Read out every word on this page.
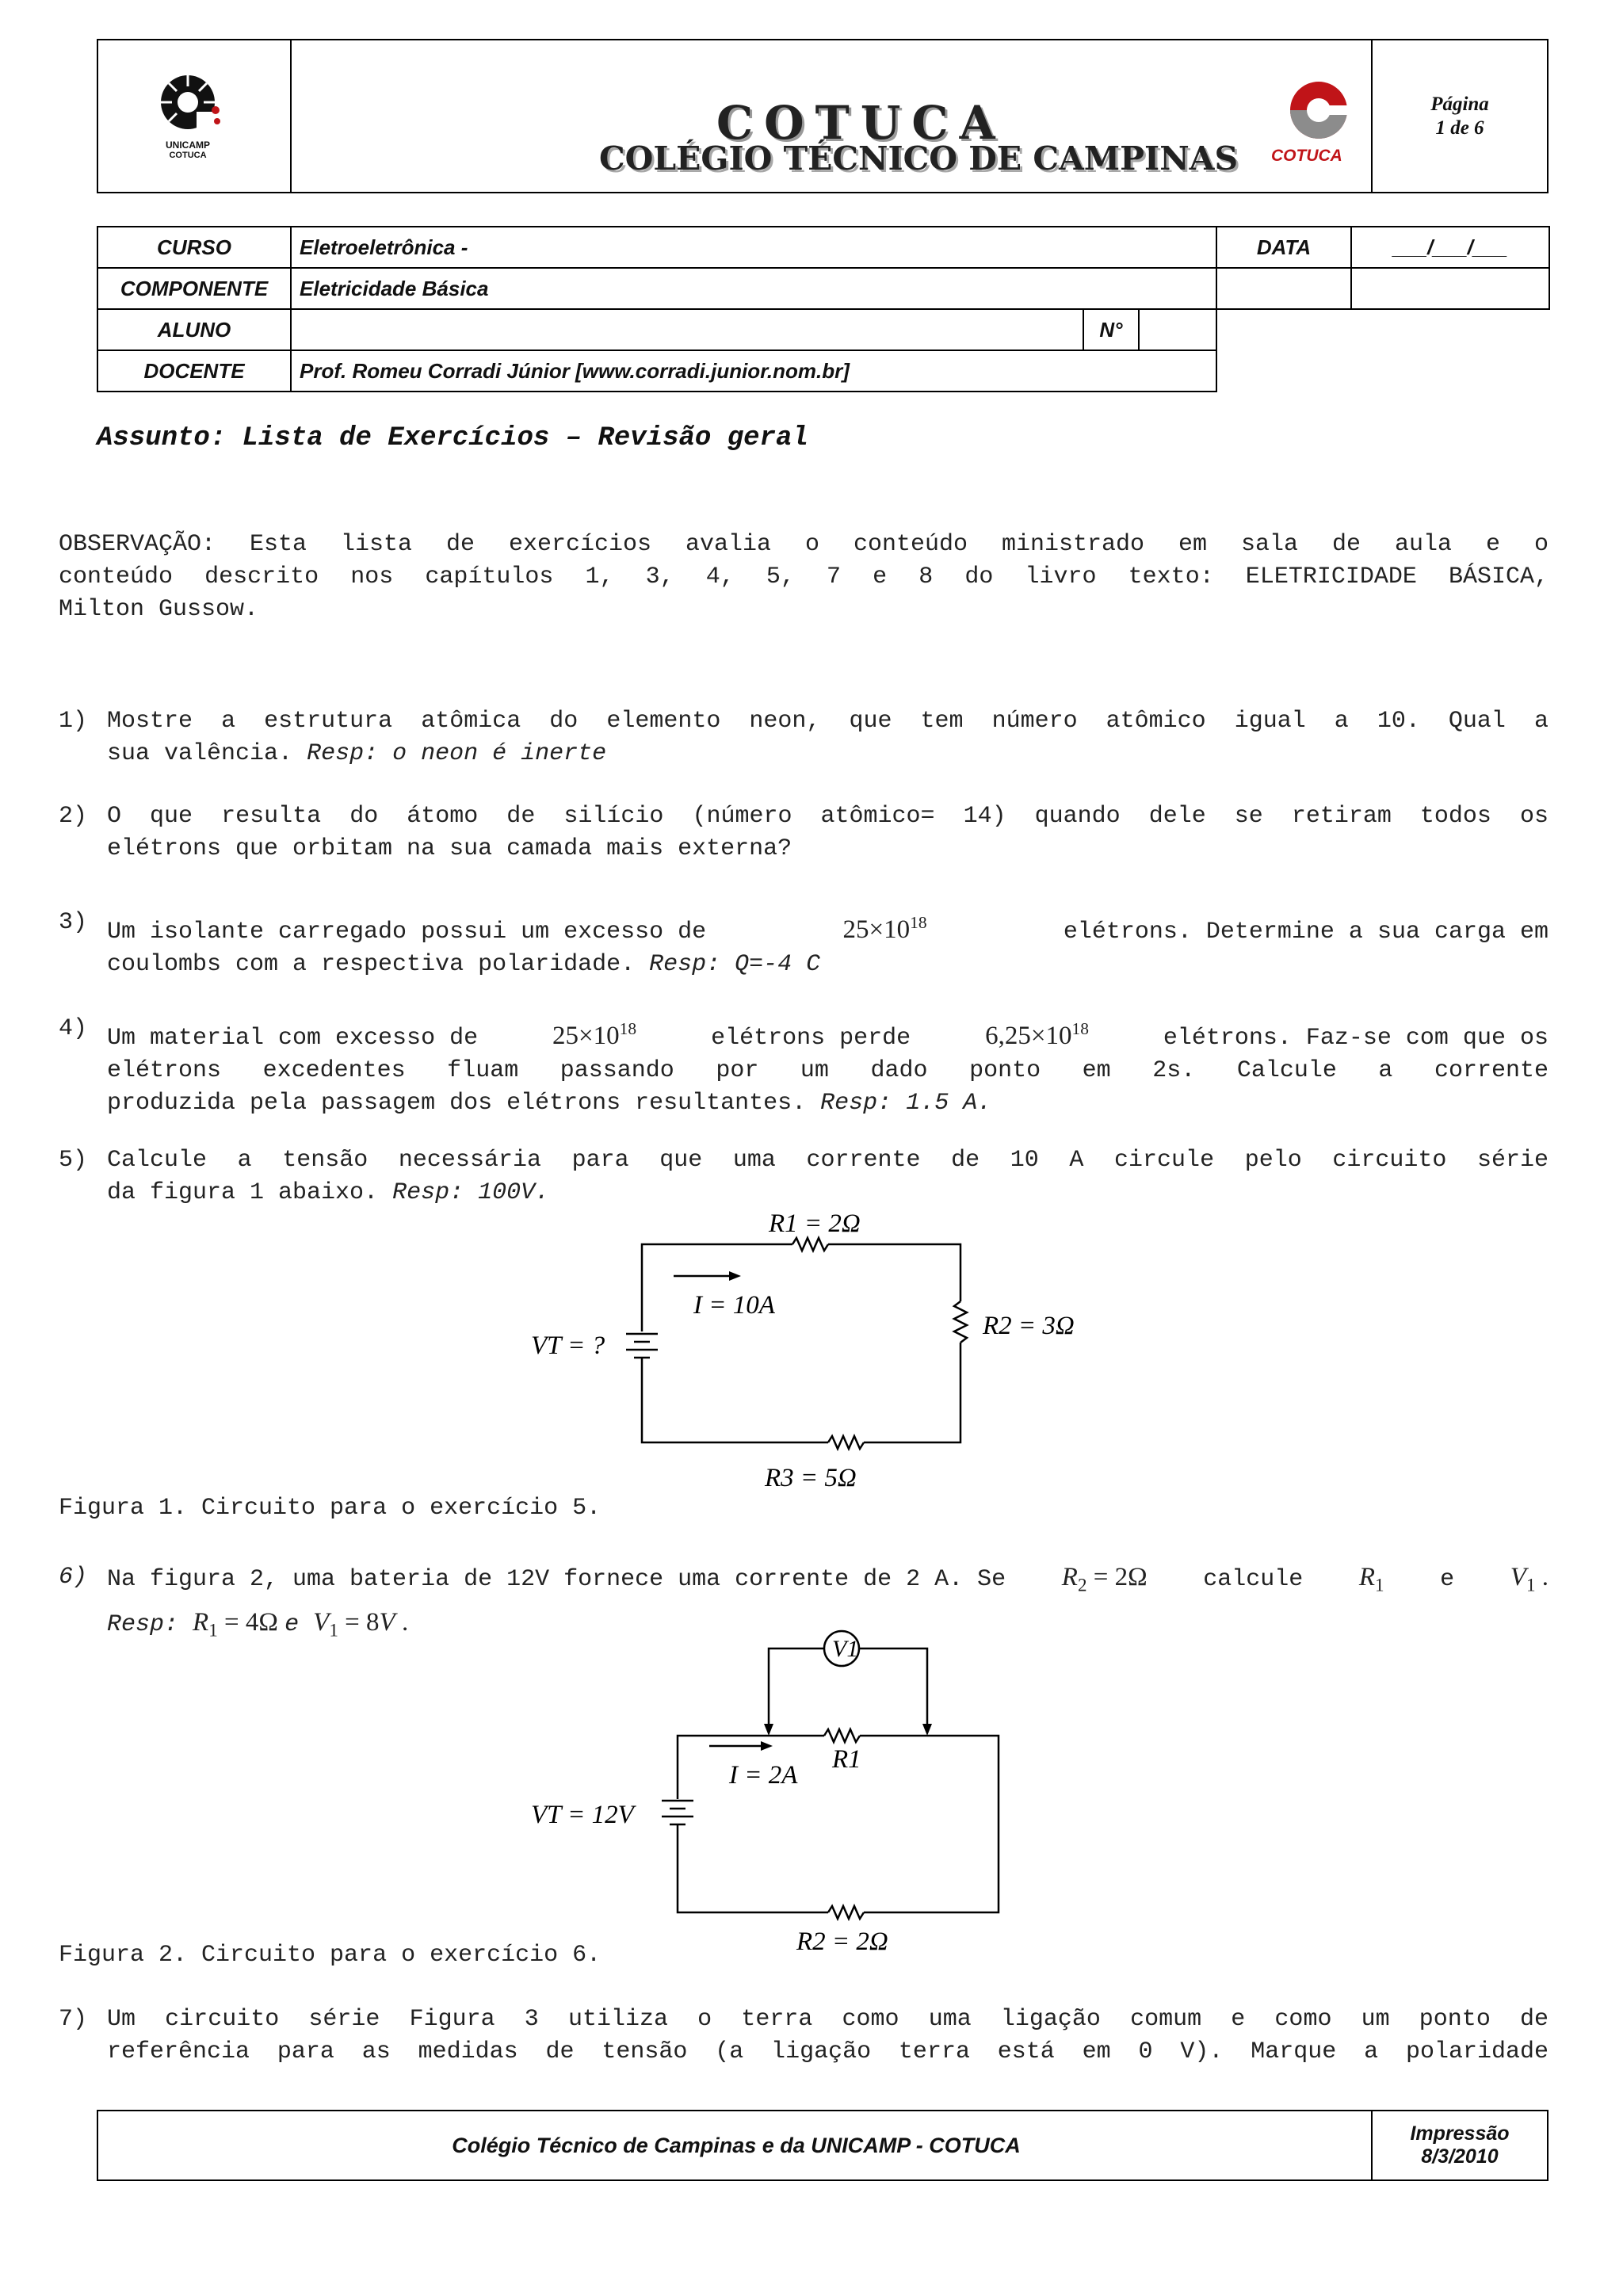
UNICAMP
COTUCA
COTUCA
COLÉGIO TÉCNICO DE CAMPINAS COTUCA
Página
1 de 6
CURSO	Eletroeletrônica -			DATA	___/___/___
COMPONENTE	Eletricidade Básica				
ALUNO		N°			
DOCENTE	Prof. Romeu Corradi Júnior [www.corradi.junior.nom.br]				
Assunto: Lista de Exercícios – Revisão geral
OBSERVAÇÃO: Esta lista de exercícios avalia o conteúdo ministrado em sala de aula e o
conteúdo descrito nos capítulos 1, 3, 4, 5, 7 e 8 do livro texto: ELETRICIDADE BÁSICA,
Milton Gussow.
1) Mostre a estrutura atômica do elemento neon, que tem número atômico igual a 10. Qual a
sua valência. Resp: o neon é inerte
2) O que resulta do átomo de silício (número atômico= 14) quando dele se retiram todos os
elétrons que orbitam na sua camada mais externa?
3) Um isolante carregado possui um excesso de	$25\times 10^{18}$	elétrons. Determine a sua carga em
coulombs com a respectiva polaridade. Resp: Q=-4 C
4) Um material com excesso de	$25\times 10^{18}$	elétrons perde	$6,25\times 10^{18}$	elétrons. Faz-se com que os
elétrons excedentes fluam passando por um dado ponto em 2s. Calcule a corrente
produzida pela passagem dos elétrons resultantes. Resp: 1.5 A.
5) Calcule a tensão necessária para que uma corrente de 10 A circule pelo circuito série
da figura 1 abaixo. Resp: 100V.
R1 = 2Ω
I = 10A
R2 = 3Ω
VT = ?
R3 = 5Ω
Figura 1. Circuito para o exercício 5.
6) Na figura 2, uma bateria de 12V fornece uma corrente de 2 A. Se $R_2 = 2\Omega$ calcule $R_1$ e $V_1$ .
Resp: $R_1 = 4\Omega$ e $V_1 = 8V$ .
V1
R1
I = 2A
VT = 12V
R2 = 2Ω
Figura 2. Circuito para o exercício 6.
7) Um circuito série Figura 3 utiliza o terra como uma ligação comum e como um ponto de
referência para as medidas de tensão (a ligação terra está em 0 V). Marque a polaridade
Colégio Técnico de Campinas e da UNICAMP - COTUCA	Impressão
8/3/2010
